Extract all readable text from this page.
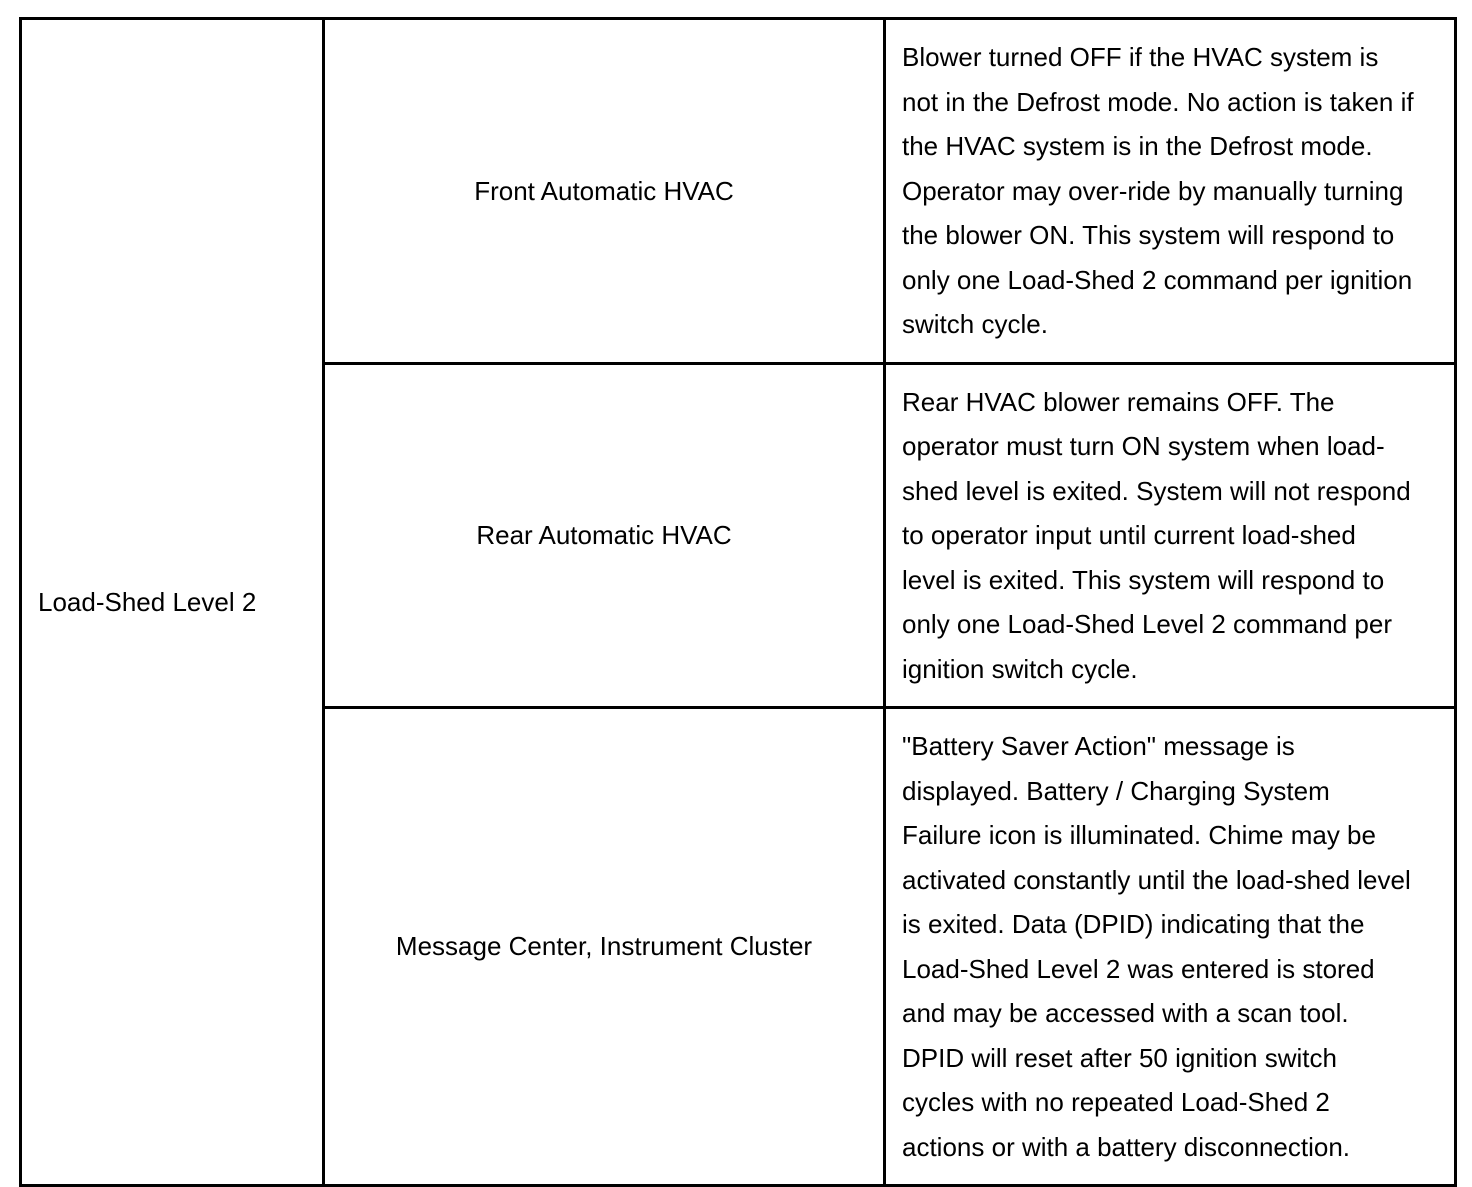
Load-Shed Level 2	Front Automatic HVAC	Blower turned OFF if the HVAC system is not in the Defrost mode. No action is taken if the HVAC system is in the Defrost mode. Operator may over-ride by manually turning the blower ON. This system will respond to only one Load-Shed 2 command per ignition switch cycle.
	Rear Automatic HVAC	Rear HVAC blower remains OFF. The operator must turn ON system when load-shed level is exited. System will not respond to operator input until current load-shed level is exited. This system will respond to only one Load-Shed Level 2 command per ignition switch cycle.
	Message Center, Instrument Cluster	"Battery Saver Action" message is displayed. Battery / Charging System Failure icon is illuminated. Chime may be activated constantly until the load-shed level is exited. Data (DPID) indicating that the Load-Shed Level 2 was entered is stored and may be accessed with a scan tool. DPID will reset after 50 ignition switch cycles with no repeated Load-Shed 2 actions or with a battery disconnection.
